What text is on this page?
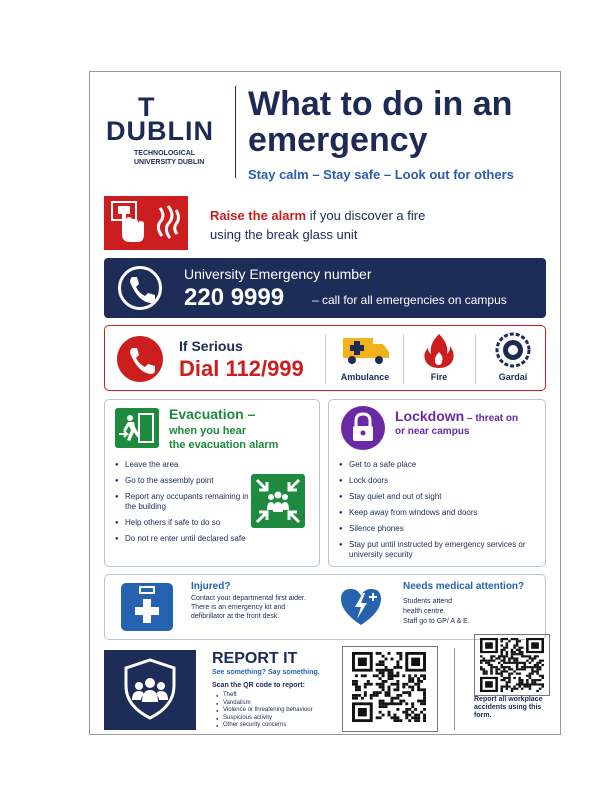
T
DUBLIN
TECHNOLOGICAL
UNIVERSITY DUBLIN
What to do in an emergency
Stay calm – Stay safe – Look out for others
Raise the alarm if you discover a fire
using the break glass unit
University Emergency number
220 9999 – call for all emergencies on campus
If Serious
Dial 112/999	Ambulance	Fire	Gardaí
Evacuation –
when you hear
the evacuation alarm
● Leave the area
● Go to the assembly point
● Report any occupants remaining in the building
● Help others if safe to do so
● Do not re enter until declared safe
Lockdown – threat on
or near campus
● Get to a safe place
● Lock doors
● Stay quiet and out of sight
● Keep away from windows and doors
● Silence phones
● Stay put until instructed by emergency services or university security
Injured?
Contact your departmental first aider. There is an emergency kit and defibrillator at the front desk.
Needs medical attention?
Students attend
health centre.
Staff go to GP/ A & E.
REPORT IT
See something? Say something.
Scan the QR code to report:
● Theft
● Vandalism
● Violence or threatening behaviour
● Suspicious activity
● Other security concerns
Report all workplace accidents using this form.
